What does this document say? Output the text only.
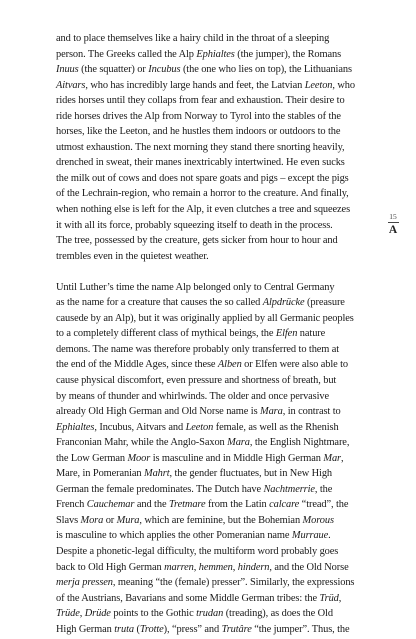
and to place themselves like a hairy child in the throat of a sleeping
person. The Greeks called the Alp Ephialtes (the jumper), the Romans
Inuus (the squatter) or Incubus (the one who lies on top), the Lithuanians
Aitvars, who has incredibly large hands and feet, the Latvian Leeton, who
rides horses until they collaps from fear and exhaustion. Their desire to
ride horses drives the Alp from Norway to Tyrol into the stables of the
horses, like the Leeton, and he hustles them indoors or outdoors to the
utmost exhaustion. The next morning they stand there snorting heavily,
drenched in sweat, their manes inextricably intertwined. He even sucks
the milk out of cows and does not spare goats and pigs – except the pigs
of the Lechrain-region, who remain a horror to the creature. And finally,
when nothing else is left for the Alp, it even clutches a tree and squeezes
it with all its force, probably squeezing itself to death in the process.
The tree, possessed by the creature, gets sicker from hour to hour and
trembles even in the quietest weather.
Until Luther’s time the name Alp belonged only to Central Germany
as the name for a creature that causes the so called Alpdrücke (preasure
causede by an Alp), but it was originally applied by all Germanic peoples
to a completely different class of mythical beings, the Elfen nature
demons. The name was therefore probably only transferred to them at
the end of the Middle Ages, since these Alben or Elfen were also able to
cause physical discomfort, even pressure and shortness of breath, but
by means of thunder and whirlwinds. The older and once pervasive
already Old High German and Old Norse name is Mara, in contrast to
Ephialtes, Incubus, Aitvars and Leeton female, as well as the Rhenish
Franconian Mahr, while the Anglo-Saxon Mara, the English Nightmare,
the Low German Moor is masculine and in Middle High German Mar,
Mare, in Pomeranian Mahrt, the gender fluctuates, but in New High
German the female predominates. The Dutch have Nachtmerrie, the
French Cauchemar and the Tretmare from the Latin calcare “tread”, the
Slavs Mora or Mura, which are feminine, but the Bohemian Morous
is masculine to which applies the other Pomeranian name Murraue.
Despite a phonetic-legal difficulty, the multiform word probably goes
back to Old High German marren, hemmen, hindern, and the Old Norse
merja pressen, meaning “the (female) presser”. Similarly, the expressions
of the Austrians, Bavarians and some Middle German tribes: the Trüd,
Trüde, Drüde points to the Gothic trudan (treading), as does the Old
High German truta (Trotte), “press” and Trutâre “the jumper”. Thus, the
15
A
